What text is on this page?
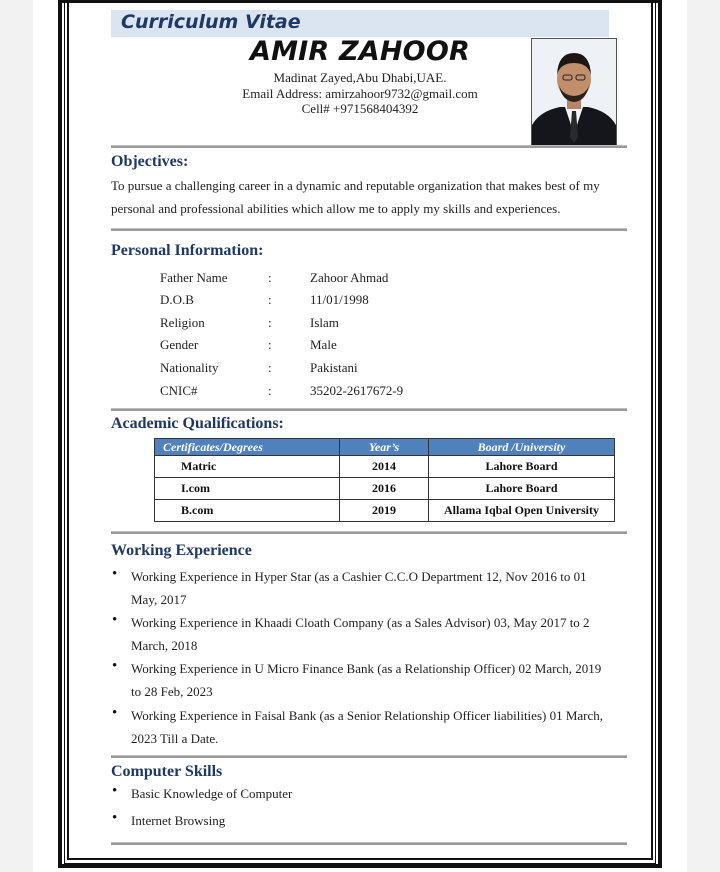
Curriculum Vitae
AMIR ZAHOOR
Madinat Zayed,Abu Dhabi,UAE.
Email Address: amirzahoor9732@gmail.com
Cell# +971568404392
Objectives:
To pursue a challenging career in a dynamic and reputable organization that makes best of my personal and professional abilities which allow me to apply my skills and experiences.
Personal Information:
Father Name	:	Zahoor Ahmad
D.O.B	:	11/01/1998
Religion	:	Islam
Gender	:	Male
Nationality	:	Pakistani
CNIC#	:	35202-2617672-9
Academic Qualifications:
Certificates/Degrees	Year’s	Board /University
Matric	2014	Lahore Board
I.com	2016	Lahore Board
B.com	2019	Allama Iqbal Open University
Working Experience
• Working Experience in Hyper Star (as a Cashier C.C.O Department 12, Nov 2016 to 01 May, 2017
• Working Experience in Khaadi Cloath Company (as a Sales Advisor) 03, May 2017 to 2 March, 2018
• Working Experience in U Micro Finance Bank (as a Relationship Officer) 02 March, 2019 to 28 Feb, 2023
• Working Experience in Faisal Bank (as a Senior Relationship Officer liabilities) 01 March, 2023 Till a Date.
Computer Skills
• Basic Knowledge of Computer
• Internet Browsing
